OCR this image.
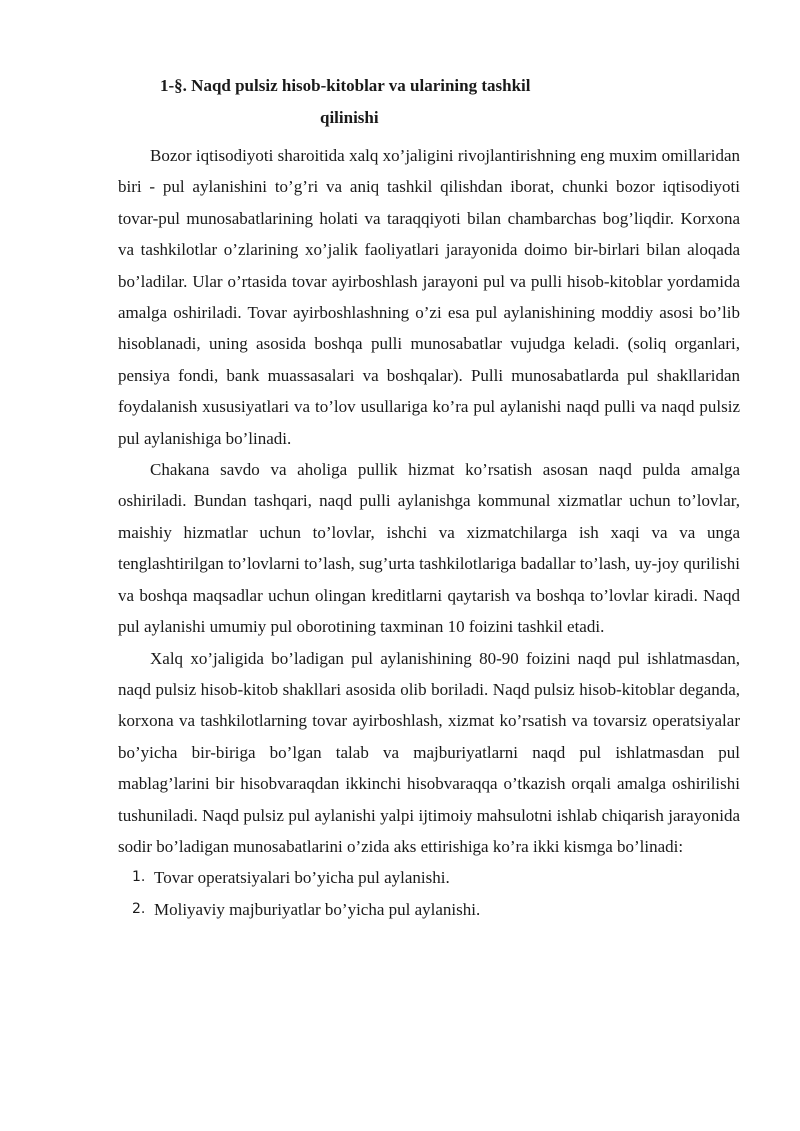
1-§. Naqd pulsiz hisob-kitoblar va ularining tashkil
qilinishi

Bozor iqtisodiyoti sharoitida xalq xo’jaligini rivojlantirishning eng muxim omillaridan biri - pul aylanishini to’g’ri va aniq tashkil qilishdan iborat, chunki bozor iqtisodiyoti tovar-pul munosabatlarining holati va taraqqiyoti bilan chambarchas bog’liqdir. Korxona va tashkilotlar o’zlarining xo’jalik faoliyatlari jarayonida doimo bir-birlari bilan aloqada bo’ladilar. Ular o’rtasida tovar ayirboshlash jarayoni pul va pulli hisob-kitoblar yordamida amalga oshiriladi. Tovar ayirboshlashning o’zi esa pul aylanishining moddiy asosi bo’lib hisoblanadi, uning asosida boshqa pulli munosabatlar vujudga keladi. (soliq organlari, pensiya fondi, bank muassasalari va boshqalar). Pulli munosabatlarda pul shakllaridan foydalanish xususiyatlari va to’lov usullariga ko’ra pul aylanishi naqd pulli va naqd pulsiz pul aylanishiga bo’linadi.

Chakana savdo va aholiga pullik hizmat ko’rsatish asosan naqd pulda amalga oshiriladi. Bundan tashqari, naqd pulli aylanishga kommunal xizmatlar uchun to’lovlar, maishiy hizmatlar uchun to’lovlar, ishchi va xizmatchilarga ish xaqi va va unga tenglashtirilgan to’lovlarni to’lash, sug’urta tashkilotlariga badallar to’lash, uy-joy qurilishi va boshqa maqsadlar uchun olingan kreditlarni qaytarish va boshqa to’lovlar kiradi. Naqd pul aylanishi umumiy pul oborotining taxminan 10 foizini tashkil etadi.

Xalq xo’jaligida bo’ladigan pul aylanishining 80-90 foizini naqd pul ishlatmasdan, naqd pulsiz hisob-kitob shakllari asosida olib boriladi. Naqd pulsiz hisob-kitoblar deganda, korxona va tashkilotlarning tovar ayirboshlash, xizmat ko’rsatish va tovarsiz operatsiyalar bo’yicha bir-biriga bo’lgan talab va majburiyatlarni naqd pul ishlatmasdan pul mablag’larini bir hisobvaraqdan ikkinchi hisobvaraqqa o’tkazish orqali amalga oshirilishi tushuniladi. Naqd pulsiz pul aylanishi yalpi ijtimoiy mahsulotni ishlab chiqarish jarayonida sodir bo’ladigan munosabatlarini o’zida aks ettirishiga ko’ra ikki kismga bo’linadi:

1. Tovar operatsiyalari bo’yicha pul aylanishi.
2. Moliyaviy majburiyatlar bo’yicha pul aylanishi.
